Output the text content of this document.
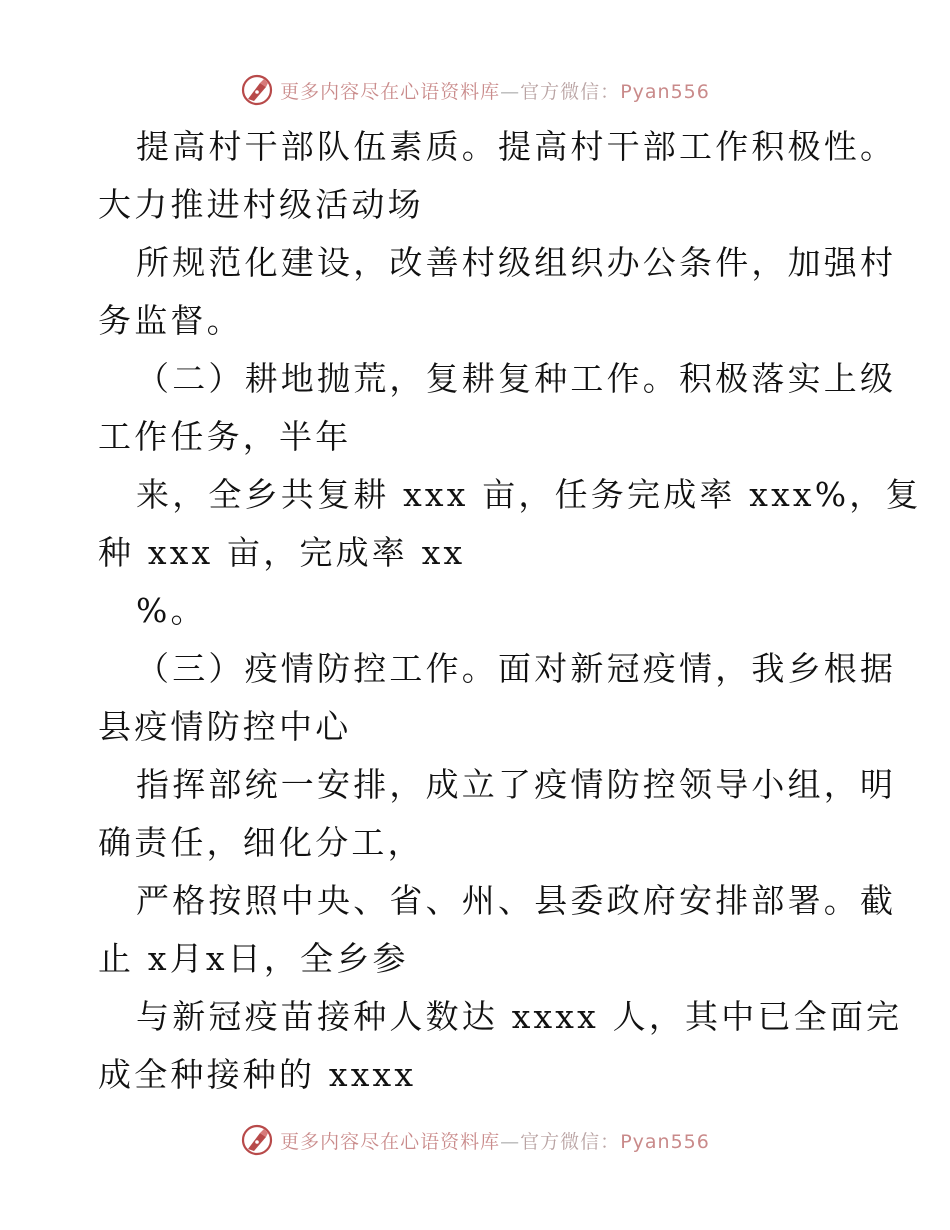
更多内容尽在心语资料库—官方微信：Pyan556
提高村干部队伍素质。提高村干部工作积极性。
大力推进村级活动场
所规范化建设，改善村级组织办公条件，加强村
务监督。
（二）耕地抛荒，复耕复种工作。积极落实上级
工作任务，半年
来，全乡共复耕 xxx 亩，任务完成率 xxx%，复
种 xxx 亩，完成率 xx
%。
（三）疫情防控工作。面对新冠疫情，我乡根据
县疫情防控中心
指挥部统一安排，成立了疫情防控领导小组，明
确责任，细化分工，
严格按照中央、省、州、县委政府安排部署。截
止 x月x日，全乡参
与新冠疫苗接种人数达 xxxx 人，其中已全面完
成全种接种的 xxxx
更多内容尽在心语资料库—官方微信：Pyan556
